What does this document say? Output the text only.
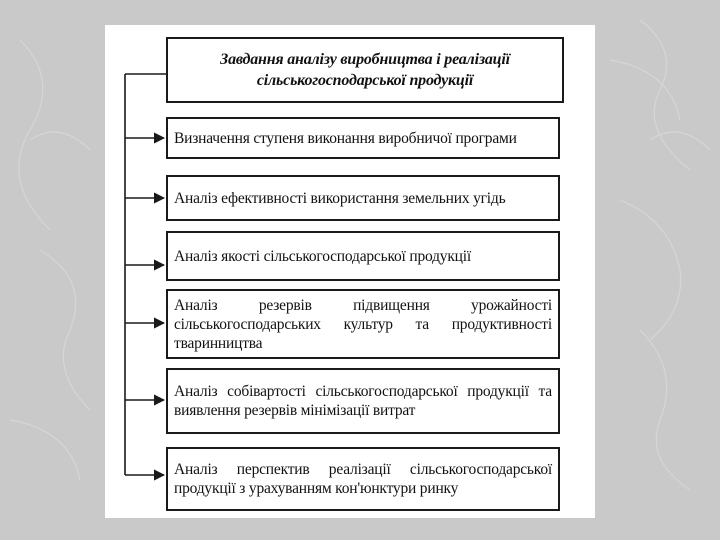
Завдання аналізу виробництва і реалізації сільськогосподарської продукції
Визначення ступеня виконання виробничої програми
Аналіз ефективності використання земельних угідь
Аналіз якості сільськогосподарської продукції
Аналіз резервів підвищення урожайності сільськогосподарських культур та продуктивності тваринництва
Аналіз собівартості сільськогосподарської продукції та виявлення резервів мінімізації витрат
Аналіз перспектив реалізації сільськогосподарської продукції з урахуванням кон'юнктури ринку
